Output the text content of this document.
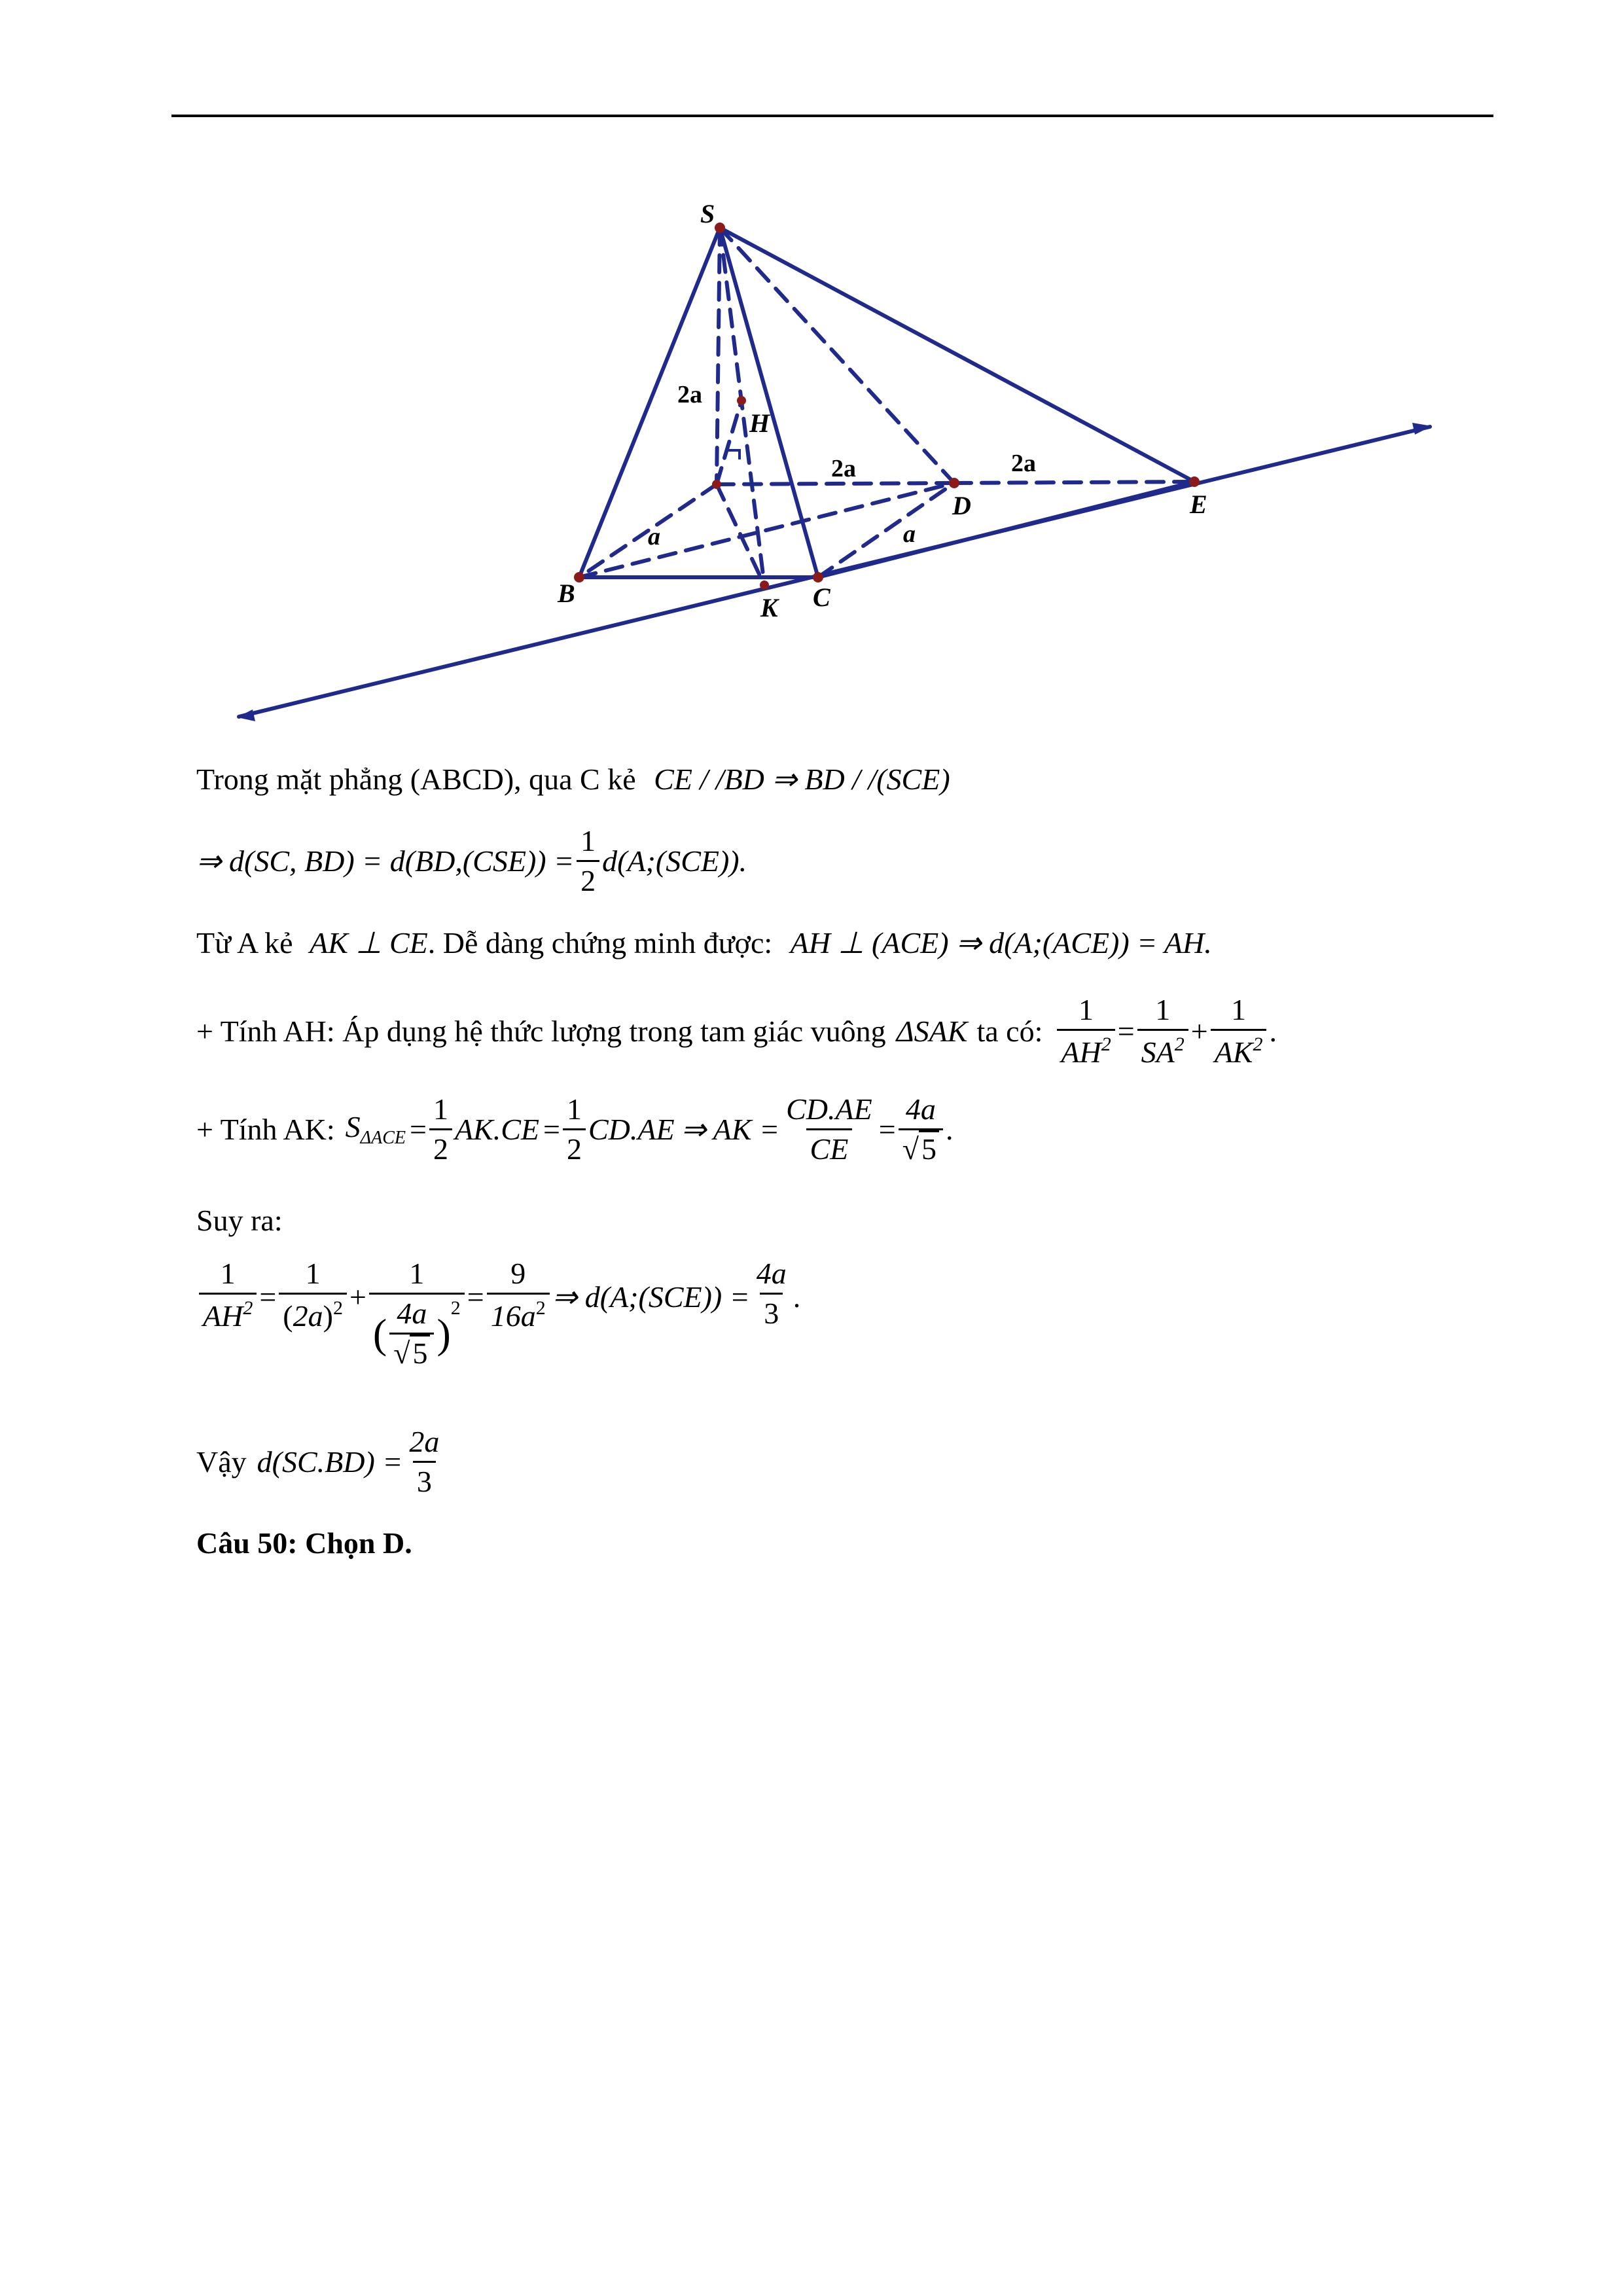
S
H
B	K C
D	E
2a
2a	2a
a	a
Trong mặt phẳng (ABCD), qua C kẻ CE / /BD ⇒ BD / /(SCE)
⇒ d(SC, $BD) = d(BD,(CSE)) = \frac{1}{2}$ d(A;(SCE)).
Từ A kẻ AK ⊥ CE. Dễ dàng chứng minh được: AH ⊥ (ACE) ⇒ d(A;(ACE)) = AH.
+ Tính AH: Áp dụng hệ thức lượng trong tam giác vuông ΔSAK ta có: $\frac{1}{AH^2} = \frac{1}{SA^2} + \frac{1}{AK^2}$ .
+ Tính AK: $S_{\Delta ACE} = \frac{1}{2} AK.CE = \frac{1}{2} CD.AE$ ⇒ AK = $\frac{CD.AE}{CE} = \frac{4a}{√5}$ .
Suy ra:
$\frac{1}{AH^2} = \frac{1}{(2a)^2}$ +
1
( $\frac{4a}{√5}$ )
$2 = \frac{9}{16a^2}$ ⇒ d(A;(SCE)) = $\frac{4a}{3}$ .
Vậy $d(SC.BD) = \frac{2a}{3}$
Câu 50: Chọn D.
